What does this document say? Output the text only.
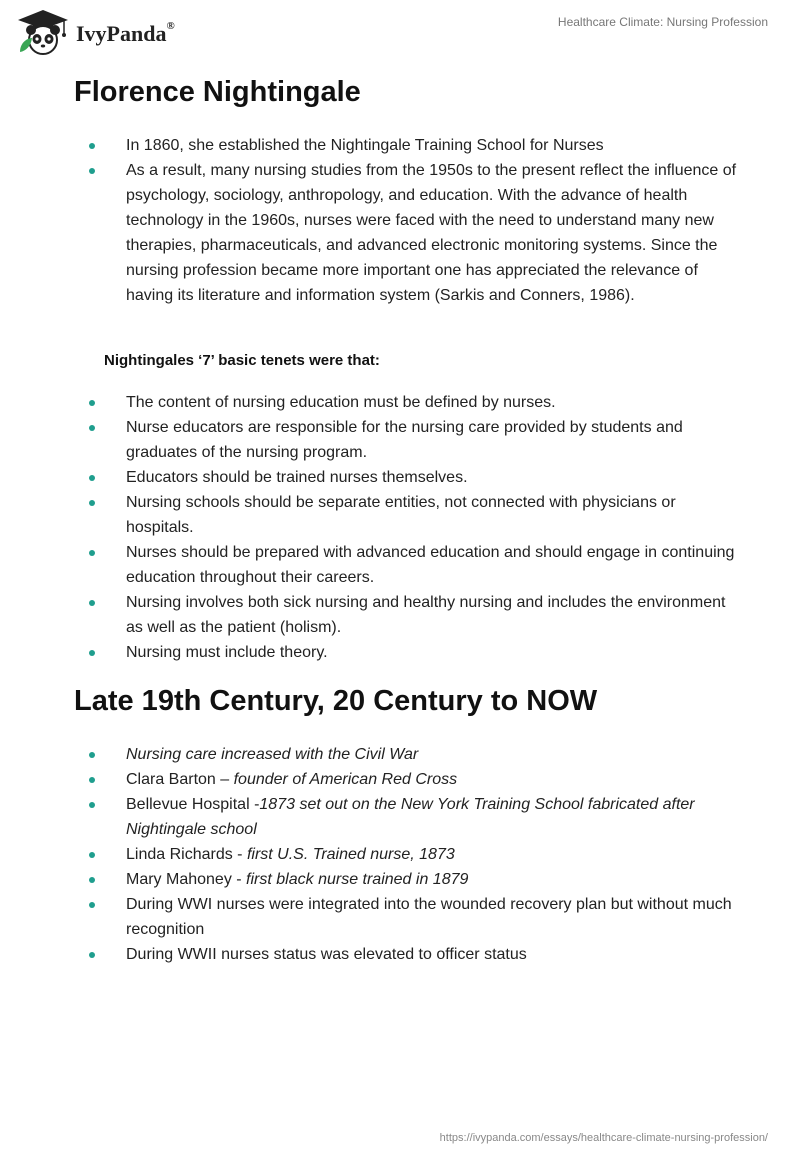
IvyPanda®	Healthcare Climate: Nursing Profession
Florence Nightingale
In 1860, she established the Nightingale Training School for Nurses
As a result, many nursing studies from the 1950s to the present reflect the influence of psychology, sociology, anthropology, and education. With the advance of health technology in the 1960s, nurses were faced with the need to understand many new therapies, pharmaceuticals, and advanced electronic monitoring systems. Since the nursing profession became more important one has appreciated the relevance of having its literature and information system (Sarkis and Conners, 1986).
Nightingales ‘7’ basic tenets were that:
The content of nursing education must be defined by nurses.
Nurse educators are responsible for the nursing care provided by students and graduates of the nursing program.
Educators should be trained nurses themselves.
Nursing schools should be separate entities, not connected with physicians or hospitals.
Nurses should be prepared with advanced education and should engage in continuing education throughout their careers.
Nursing involves both sick nursing and healthy nursing and includes the environment as well as the patient (holism).
Nursing must include theory.
Late 19th Century, 20 Century to NOW
Nursing care increased with the Civil War
Clara Barton – founder of American Red Cross
Bellevue Hospital -1873 set out on the New York Training School fabricated after Nightingale school
Linda Richards - first U.S. Trained nurse, 1873
Mary Mahoney - first black nurse trained in 1879
During WWI nurses were integrated into the wounded recovery plan but without much recognition
During WWII nurses status was elevated to officer status
https://ivypanda.com/essays/healthcare-climate-nursing-profession/
